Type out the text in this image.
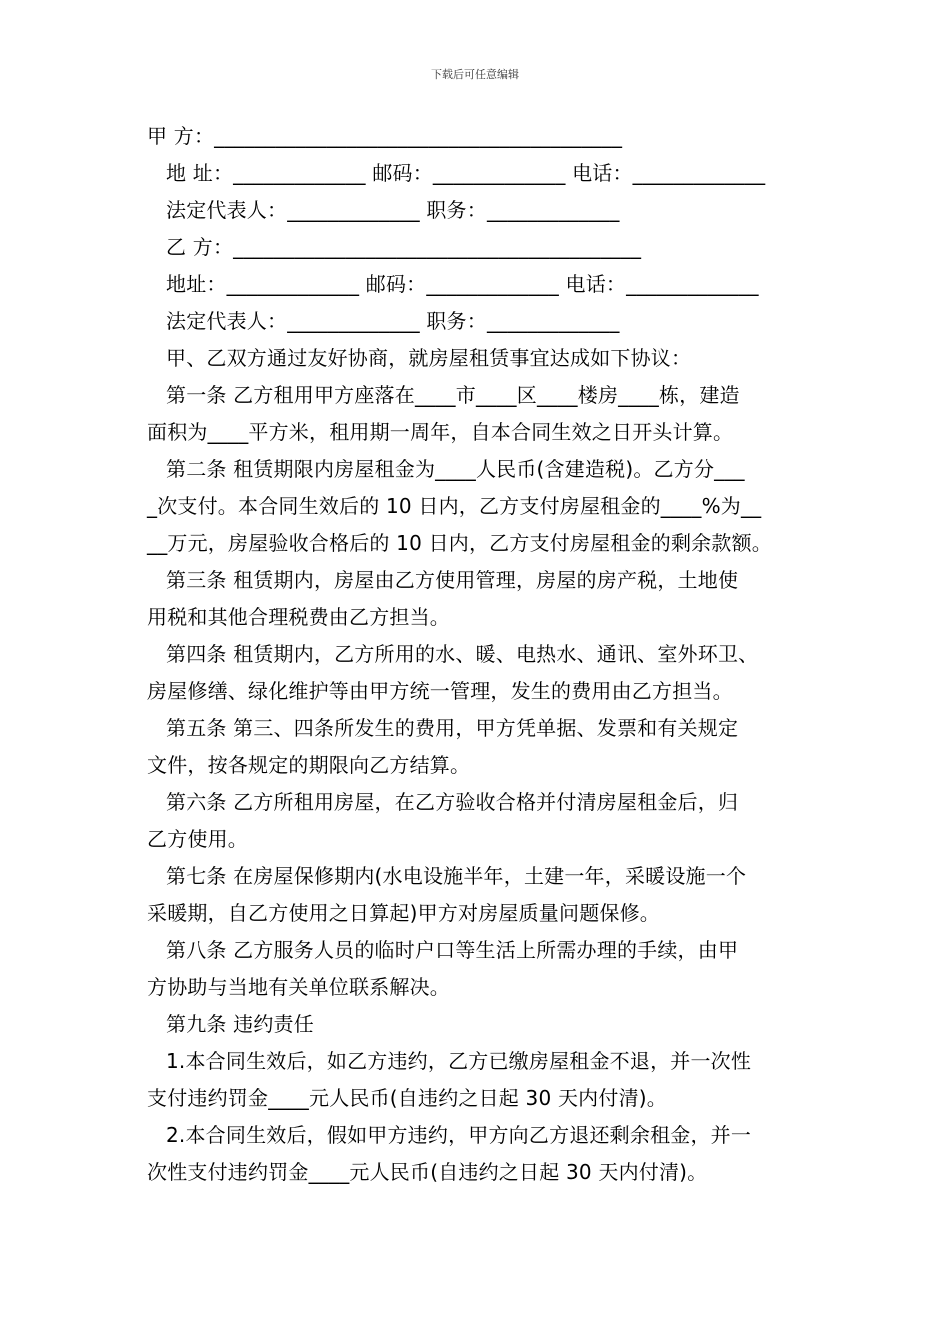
下载后可任意编辑
甲 方：________________________________________
地 址：_____________ 邮码：_____________ 电话：_____________
法定代表人：_____________ 职务：_____________
乙 方：________________________________________
地址：_____________ 邮码：_____________ 电话：_____________
法定代表人：_____________ 职务：_____________
甲、乙双方通过友好协商，就房屋租赁事宜达成如下协议：
第一条 乙方租用甲方座落在____市____区____楼房____栋，建造
面积为____平方米，租用期一周年，自本合同生效之日开头计算。
第二条 租赁期限内房屋租金为____人民币(含建造税)。乙方分___
_次支付。本合同生效后的 10 日内，乙方支付房屋租金的____%为__
__万元，房屋验收合格后的 10 日内，乙方支付房屋租金的剩余款额。
第三条 租赁期内，房屋由乙方使用管理，房屋的房产税，土地使
用税和其他合理税费由乙方担当。
第四条 租赁期内，乙方所用的水、暖、电热水、通讯、室外环卫、
房屋修缮、绿化维护等由甲方统一管理，发生的费用由乙方担当。
第五条 第三、四条所发生的费用，甲方凭单据、发票和有关规定
文件，按各规定的期限向乙方结算。
第六条 乙方所租用房屋，在乙方验收合格并付清房屋租金后，归
乙方使用。
第七条 在房屋保修期内(水电设施半年，土建一年，采暖设施一个
采暖期，自乙方使用之日算起)甲方对房屋质量问题保修。
第八条 乙方服务人员的临时户口等生活上所需办理的手续，由甲
方协助与当地有关单位联系解决。
第九条 违约责任
1.本合同生效后，如乙方违约，乙方已缴房屋租金不退，并一次性
支付违约罚金____元人民币(自违约之日起 30 天内付清)。
2.本合同生效后，假如甲方违约，甲方向乙方退还剩余租金，并一
次性支付违约罚金____元人民币(自违约之日起 30 天内付清)。
